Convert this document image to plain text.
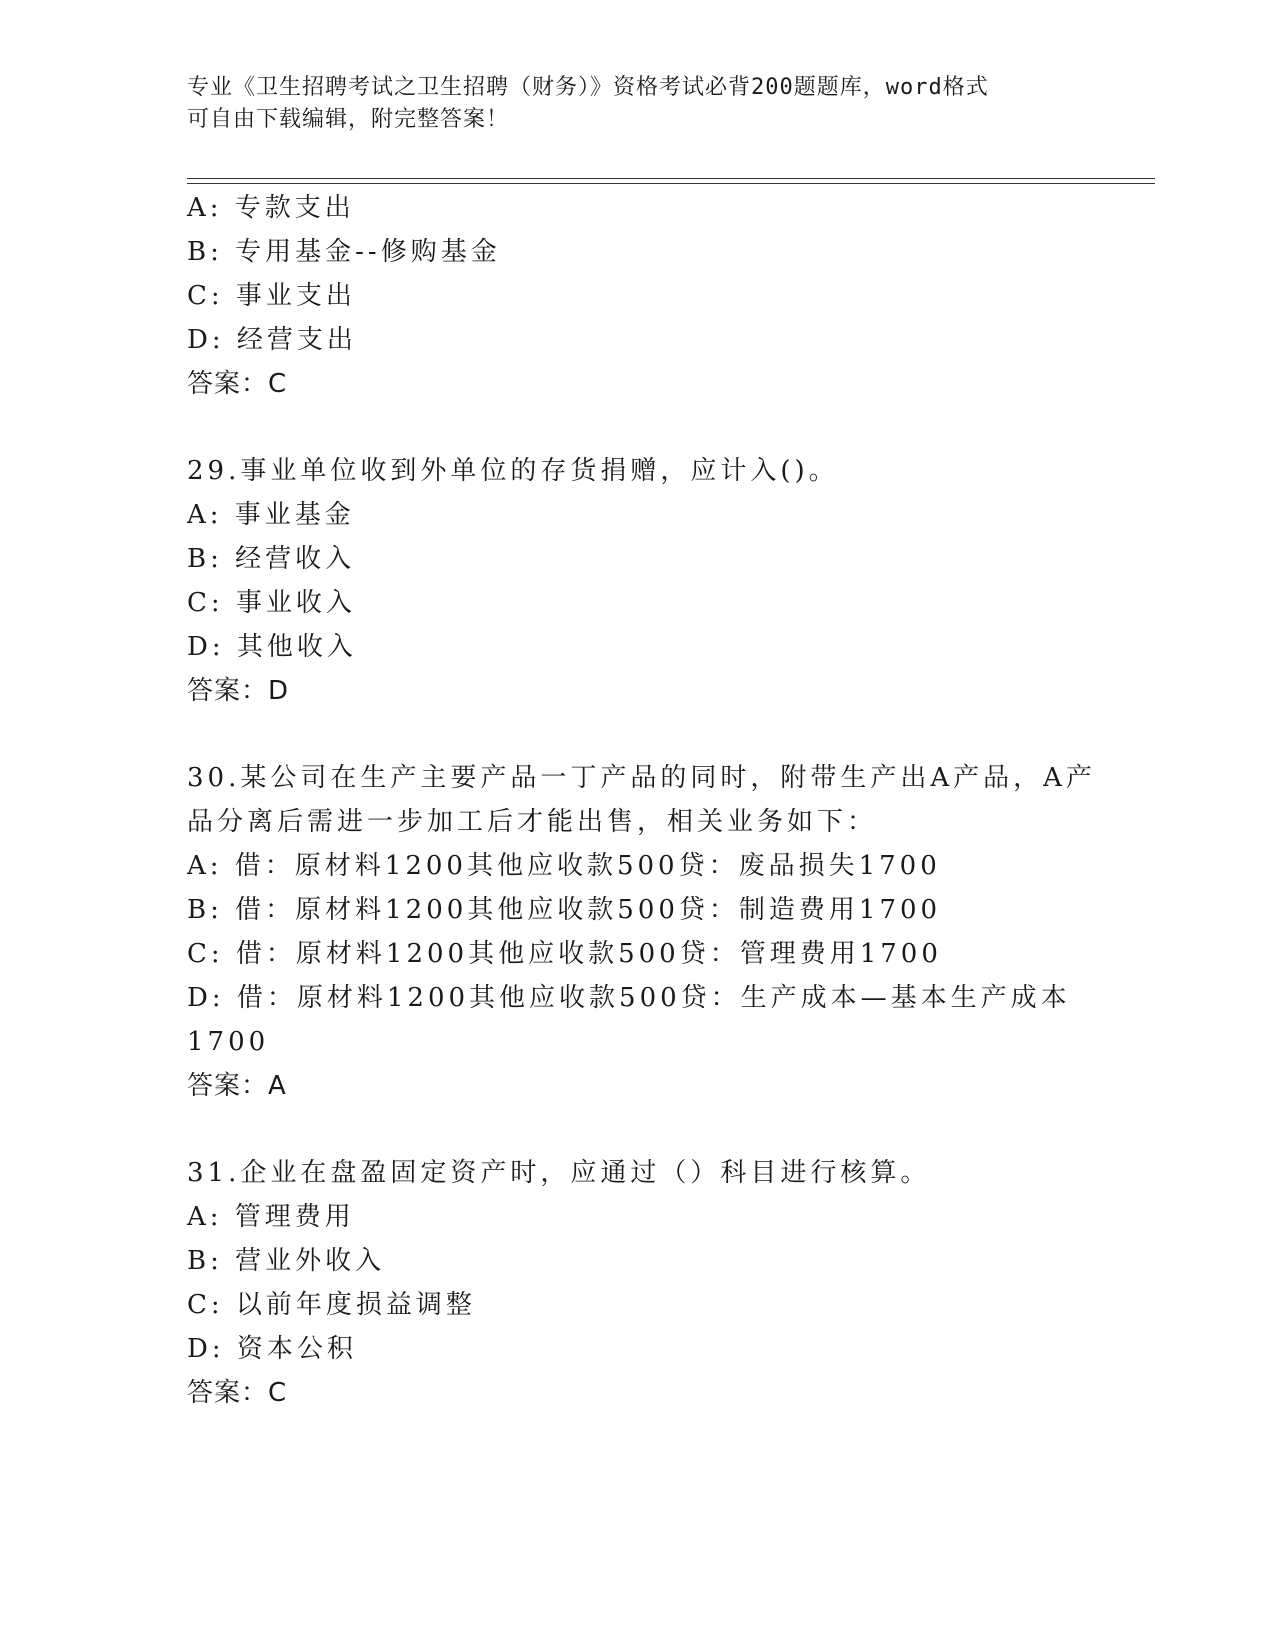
专业《卫生招聘考试之卫生招聘（财务）》资格考试必背200题题库，word格式
可自由下载编辑，附完整答案！
A: 专款支出
B: 专用基金--修购基金
C: 事业支出
D: 经营支出
答案：C
29.事业单位收到外单位的存货捐赠，应计入()。
A: 事业基金
B: 经营收入
C: 事业收入
D: 其他收入
答案：D
30.某公司在生产主要产品一丁产品的同时，附带生产出A产品，A产
品分离后需进一步加工后才能出售，相关业务如下：
A: 借：原材料1200其他应收款500贷：废品损失1700
B: 借：原材料1200其他应收款500贷：制造费用1700
C: 借：原材料1200其他应收款500贷：管理费用1700
D: 借：原材料1200其他应收款500贷：生产成本—基本生产成本
1700
答案：A
31.企业在盘盈固定资产时，应通过（）科目进行核算。
A: 管理费用
B: 营业外收入
C: 以前年度损益调整
D: 资本公积
答案：C
